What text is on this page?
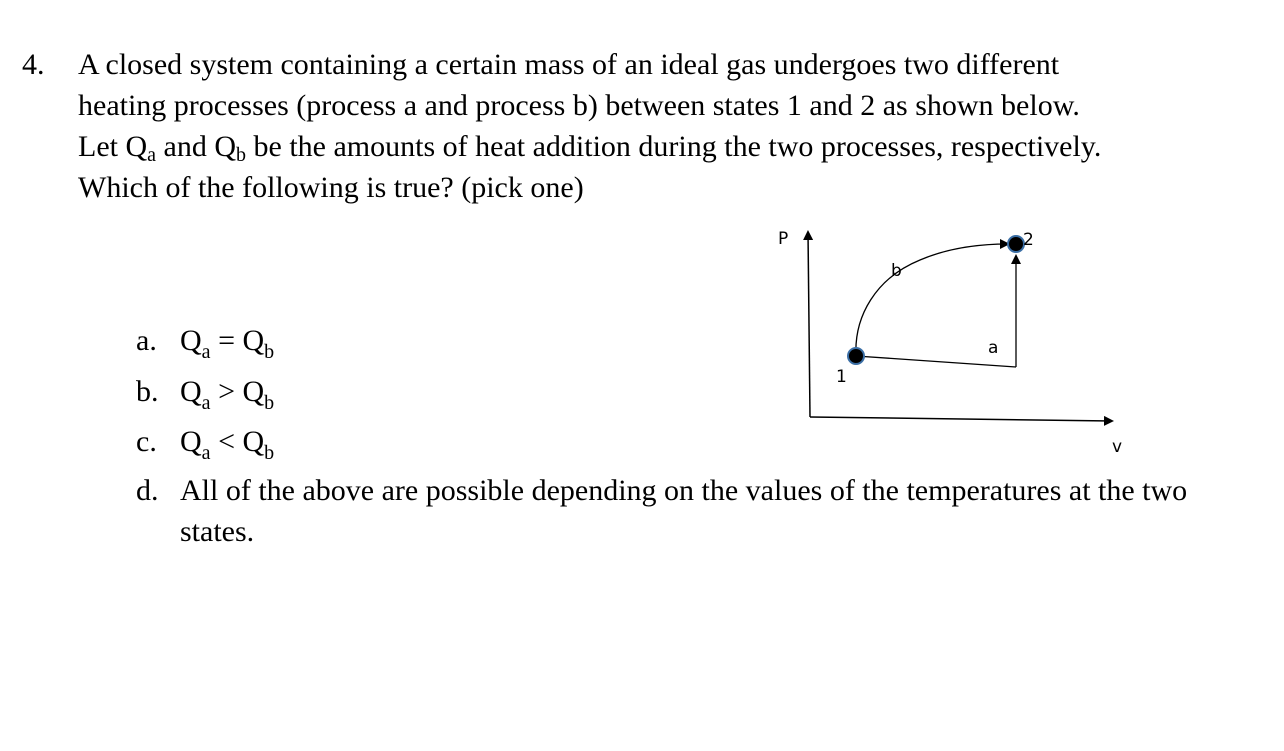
4. A closed system containing a certain mass of an ideal gas undergoes two different
heating processes (process a and process b) between states 1 and 2 as shown below.
Let $Q_a$ and $Q_b$ be the amounts of heat addition during the two processes, respectively.
Which of the following is true? (pick one)
P
v
1
2
a
b
a. $Q_a = Q_b$
b. $Q_a > Q_b$
c. $Q_a < Q_b$
d. All of the above are possible depending on the values of the temperatures at the two states.
